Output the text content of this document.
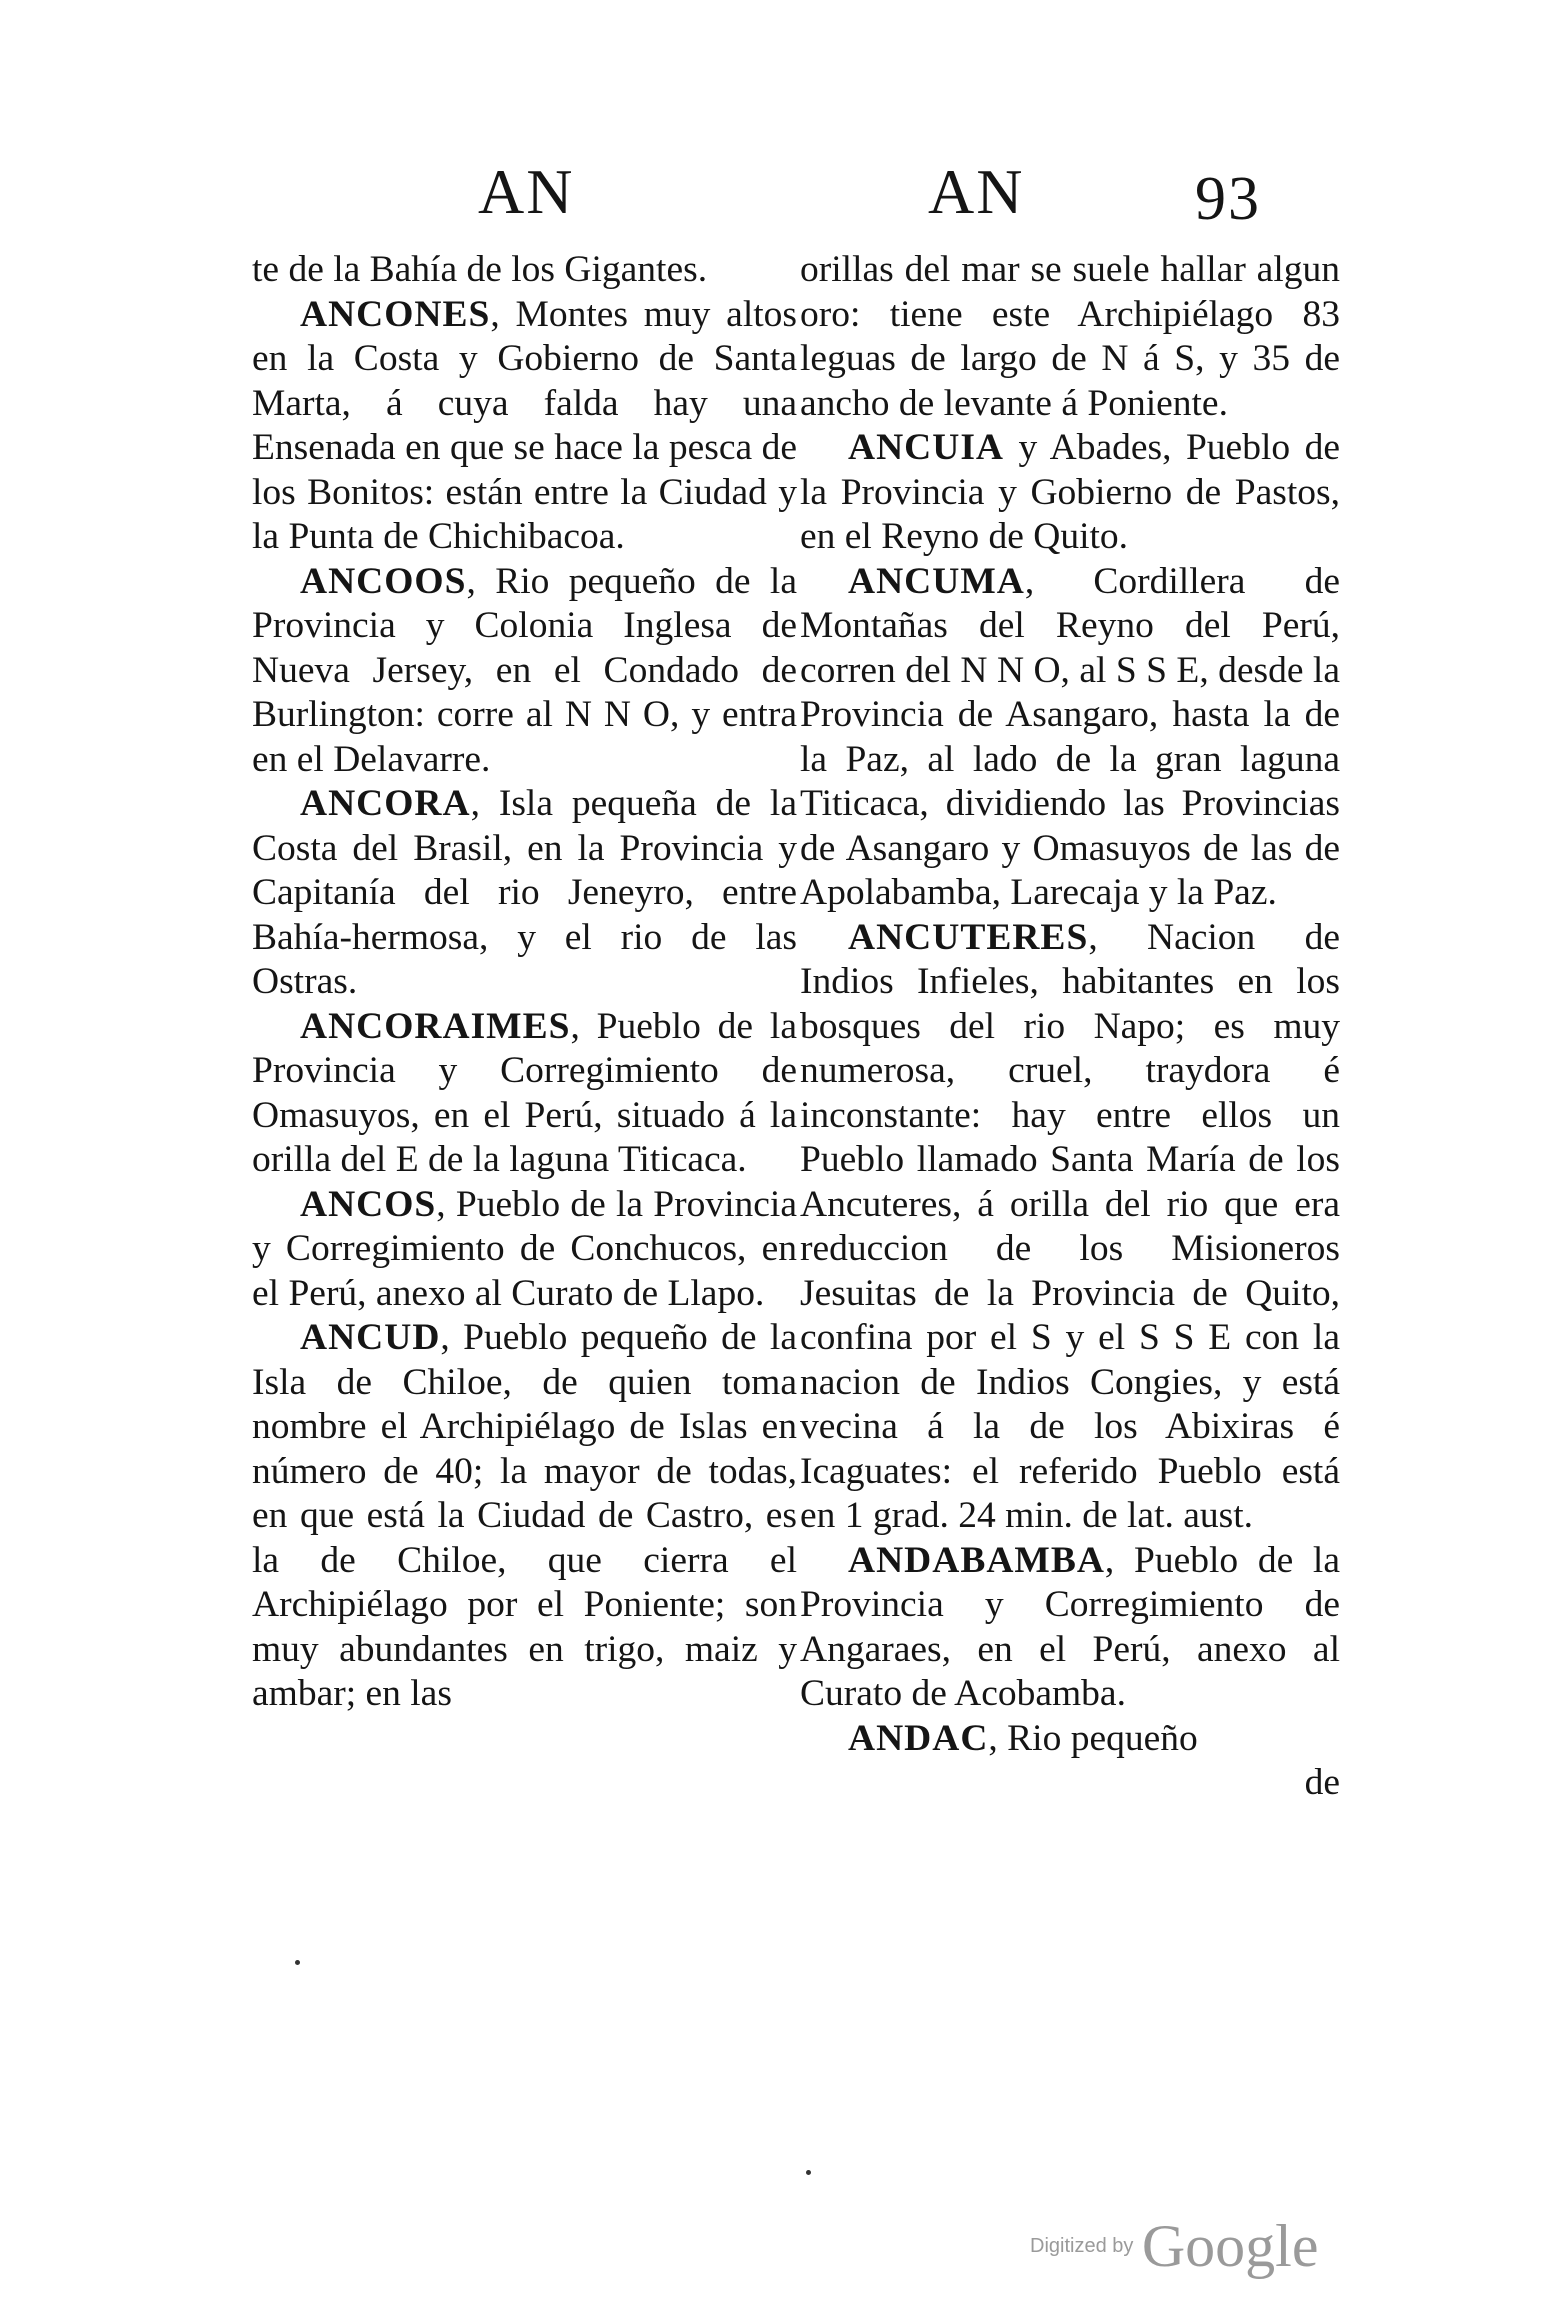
AN	AN	93

te de la Bahía de los Gigantes.

ANCONES, Montes muy altos en la Costa y Gobierno de Santa Marta, á cuya falda hay una Ensenada en que se hace la pesca de los Bonitos: están entre la Ciudad y la Punta de Chichibacoa.

ANCOOS, Rio pequeño de la Provincia y Colonia Inglesa de Nueva Jersey, en el Condado de Burlington: corre al N N O, y entra en el Delavarre.

ANCORA, Isla pequeña de la Costa del Brasil, en la Provincia y Capitanía del rio Jeneyro, entre Bahía-hermosa, y el rio de las Ostras.

ANCORAIMES, Pueblo de la Provincia y Corregimiento de Omasuyos, en el Perú, situado á la orilla del E de la laguna Titicaca.

ANCOS, Pueblo de la Provincia y Corregimiento de Conchucos, en el Perú, anexo al Curato de Llapo.

ANCUD, Pueblo pequeño de la Isla de Chiloe, de quien toma nombre el Archipiélago de Islas en número de 40; la mayor de todas, en que está la Ciudad de Castro, es la de Chiloe, que cierra el Archipiélago por el Poniente; son muy abundantes en trigo, maiz y ambar; en las

orillas del mar se suele hallar algun oro: tiene este Archipiélago 83 leguas de largo de N á S, y 35 de ancho de levante á Poniente.

ANCUIA y Abades, Pueblo de la Provincia y Gobierno de Pastos, en el Reyno de Quito.

ANCUMA, Cordillera de Montañas del Reyno del Perú, corren del N N O, al S S E, desde la Provincia de Asangaro, hasta la de la Paz, al lado de la gran laguna Titicaca, dividiendo las Provincias de Asangaro y Omasuyos de las de Apolabamba, Larecaja y la Paz.

ANCUTERES, Nacion de Indios Infieles, habitantes en los bosques del rio Napo; es muy numerosa, cruel, traydora é inconstante: hay entre ellos un Pueblo llamado Santa María de los Ancuteres, á orilla del rio que era reduccion de los Misioneros Jesuitas de la Provincia de Quito, confina por el S y el S S E con la nacion de Indios Congies, y está vecina á la de los Abixiras é Icaguates: el referido Pueblo está en 1 grad. 24 min. de lat. aust.

ANDABAMBA, Pueblo de la Provincia y Corregimiento de Angaraes, en el Perú, anexo al Curato de Acobamba.

ANDAC, Rio pequeño

de
Digitized by Google
